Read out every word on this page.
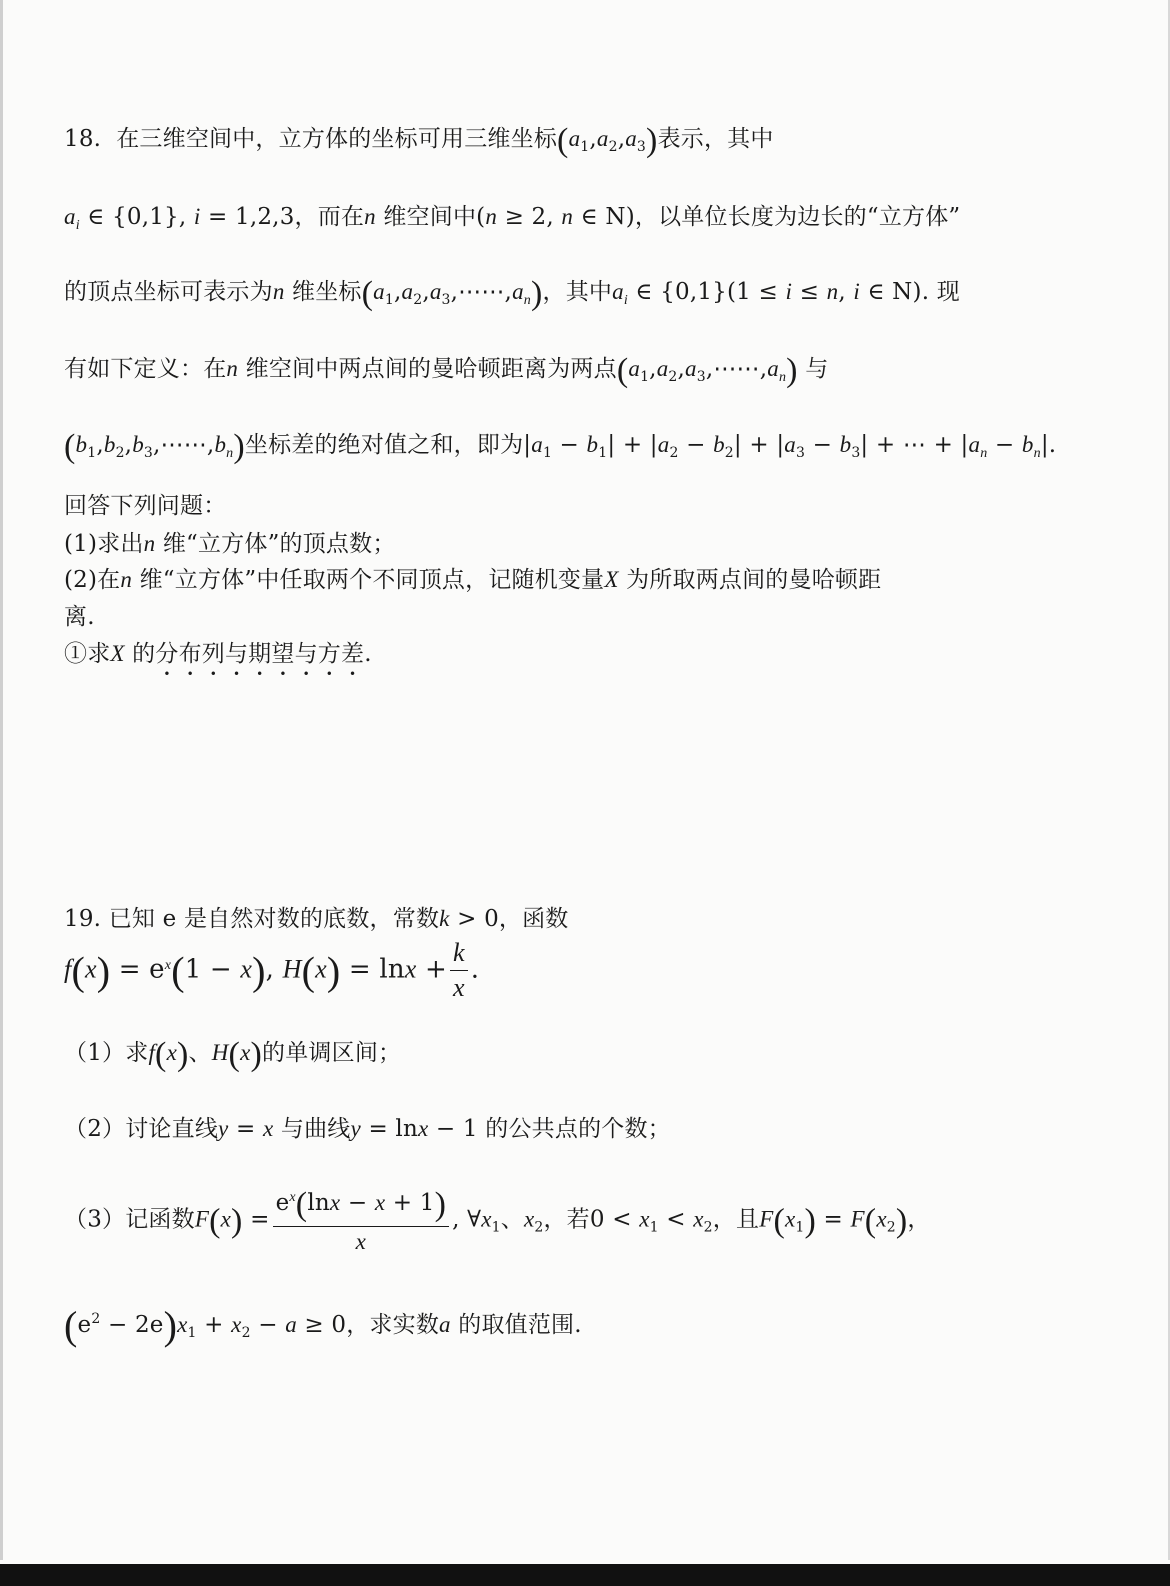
18. 在三维空间中，立方体的坐标可用三维坐标$(a_1,a_2,a_3)$表示，其中
$a_i$ ∈ {0,1}, i = 1,2,3，而在n 维空间中(n ≥ 2, n ∈ N)，以单位长度为边长的“立方体”
的顶点坐标可表示为n 维坐标$(a_1,a_2,a_3,\cdots\cdots,a_n)$，其中$a_i$ ∈ {0,1}(1 ≤ i ≤ n, i ∈ N). 现
有如下定义：在n 维空间中两点间的曼哈顿距离为两点$(a_1,a_2,a_3,\cdots\cdots,a_n)$ 与
$(b_1,b_2,b_3,\cdots\cdots,b_n)$坐标差的绝对值之和，即为$|a_1 - b_1| + |a_2 - b_2| + |a_3 - b_3|$ + ⋯ + $|a_n - b_n|$.
回答下列问题：
(1)求出n 维“立方体”的顶点数；
(2)在n 维“立方体”中任取两个不同顶点，记随机变量X 为所取两点间的曼哈顿距
离.
①求X 的分布列与期望与方差.
19. 已知 e 是自然对数的底数，常数k > 0，函数
$f(x) = e^x(1 - x)$, $H(x) = \ln x + \frac{k}{x}$ .
（1）求f(x)、H(x)的单调区间；
（2）讨论直线y = x 与曲线y = lnx − 1 的公共点的个数；
（3）记函数$F(x) = \frac{e^x(\ln x - x + 1)}{x}$ , $\forall x_1$、$x_2$，若$0 < x_1 < x_2$，且$F(x_1) = F(x_2)$，
$(e^2 - 2e)x_1 + x_2 - a \ge 0$，求实数a 的取值范围.
